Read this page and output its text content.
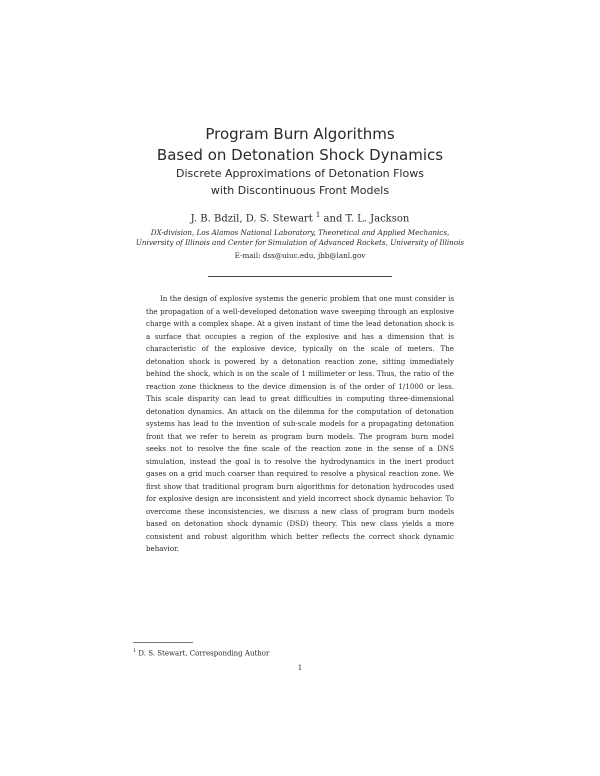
Program Burn Algorithms
Based on Detonation Shock Dynamics
Discrete Approximations of Detonation Flows
with Discontinuous Front Models
J. B. Bdzil, D. S. Stewart $^1$ and T. L. Jackson
DX-division, Los Alamos National Laboratory, Theoretical and Applied Mechanics,
University of Illinois and Center for Simulation of Advanced Rockets, University of Illinois
E-mail: dss@uiuc.edu, jbb@lanl.gov

In the design of explosive systems the generic problem that one must consider is the propagation of a well-developed detonation wave sweeping through an explosive charge with a complex shape. At a given instant of time the lead detonation shock is a surface that occupies a region of the explosive and has a dimension that is characteristic of the explosive device, typically on the scale of meters. The detonation shock is powered by a detonation reaction zone, sitting immediately behind the shock, which is on the scale of 1 millimeter or less. Thus, the ratio of the reaction zone thickness to the device dimension is of the order of 1/1000 or less. This scale disparity can lead to great difficulties in computing three-dimensional detonation dynamics. An attack on the dilemma for the computation of detonation systems has lead to the invention of sub-scale models for a propagating detonation front that we refer to herein as program burn models. The program burn model seeks not to resolve the fine scale of the reaction zone in the sense of a DNS simulation, instead the goal is to resolve the hydrodynamics in the inert product gases on a grid much coarser than required to resolve a physical reaction zone. We first show that traditional program burn algorithms for detonation hydrocodes used for explosive design are inconsistent and yield incorrect shock dynamic behavior. To overcome these inconsistencies, we discuss a new class of program burn models based on detonation shock dynamic (DSD) theory. This new class yields a more consistent and robust algorithm which better reflects the correct shock dynamic behavior.

$^1$ D. S. Stewart, Corresponding Author
1
